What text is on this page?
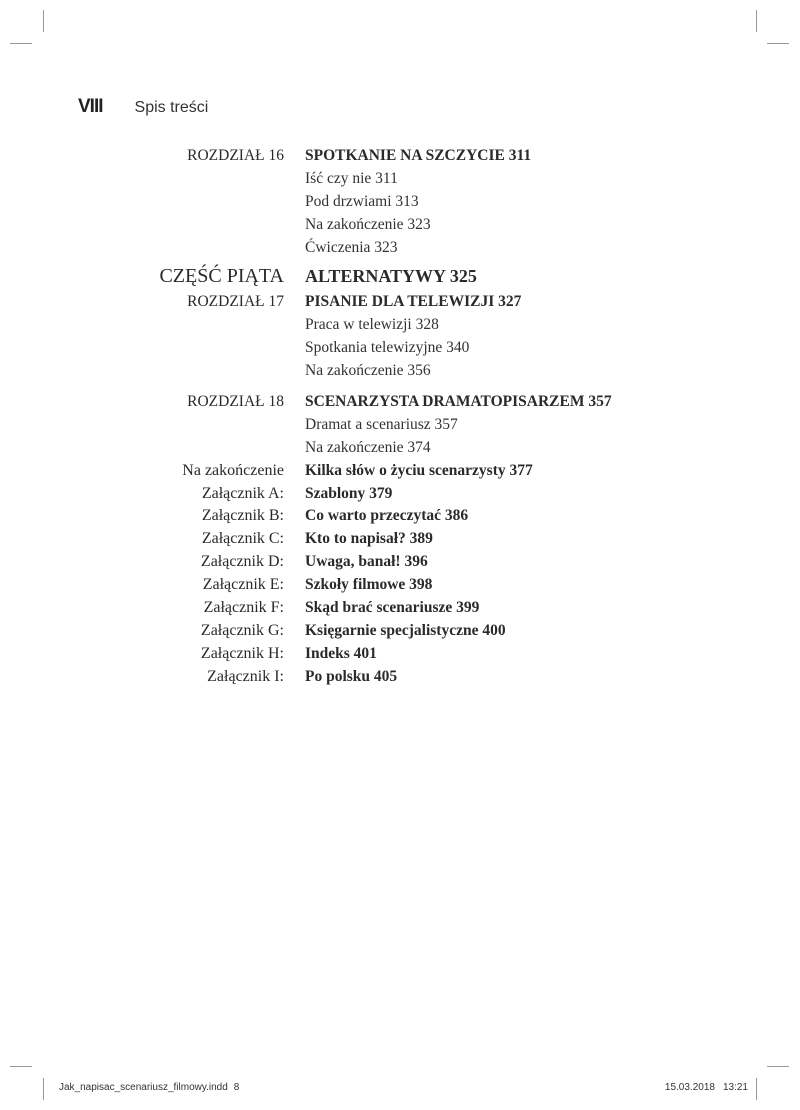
VIII Spis treści
ROZDZIAŁ 16 SPOTKANIE NA SZCZYCIE 311
Iść czy nie 311
Pod drzwiami 313
Na zakończenie 323
Ćwiczenia 323
CZĘŚĆ PIĄTA ALTERNATYWY 325
ROZDZIAŁ 17 PISANIE DLA TELEWIZJI 327
Praca w telewizji 328
Spotkania telewizyjne 340
Na zakończenie 356
ROZDZIAŁ 18 SCENARZYSTA DRAMATOPISARZEM 357
Dramat a scenariusz 357
Na zakończenie 374
Na zakończenie Kilka słów o życiu scenarzysty 377
Załącznik A: Szablony 379
Załącznik B: Co warto przeczytać 386
Załącznik C: Kto to napisał? 389
Załącznik D: Uwaga, banał! 396
Załącznik E: Szkoły filmowe 398
Załącznik F: Skąd brać scenariusze 399
Załącznik G: Księgarnie specjalistyczne 400
Załącznik H: Indeks 401
Załącznik I: Po polsku 405
Jak_napisac_scenariusz_filmowy.indd 8	15.03.2018 13:21
